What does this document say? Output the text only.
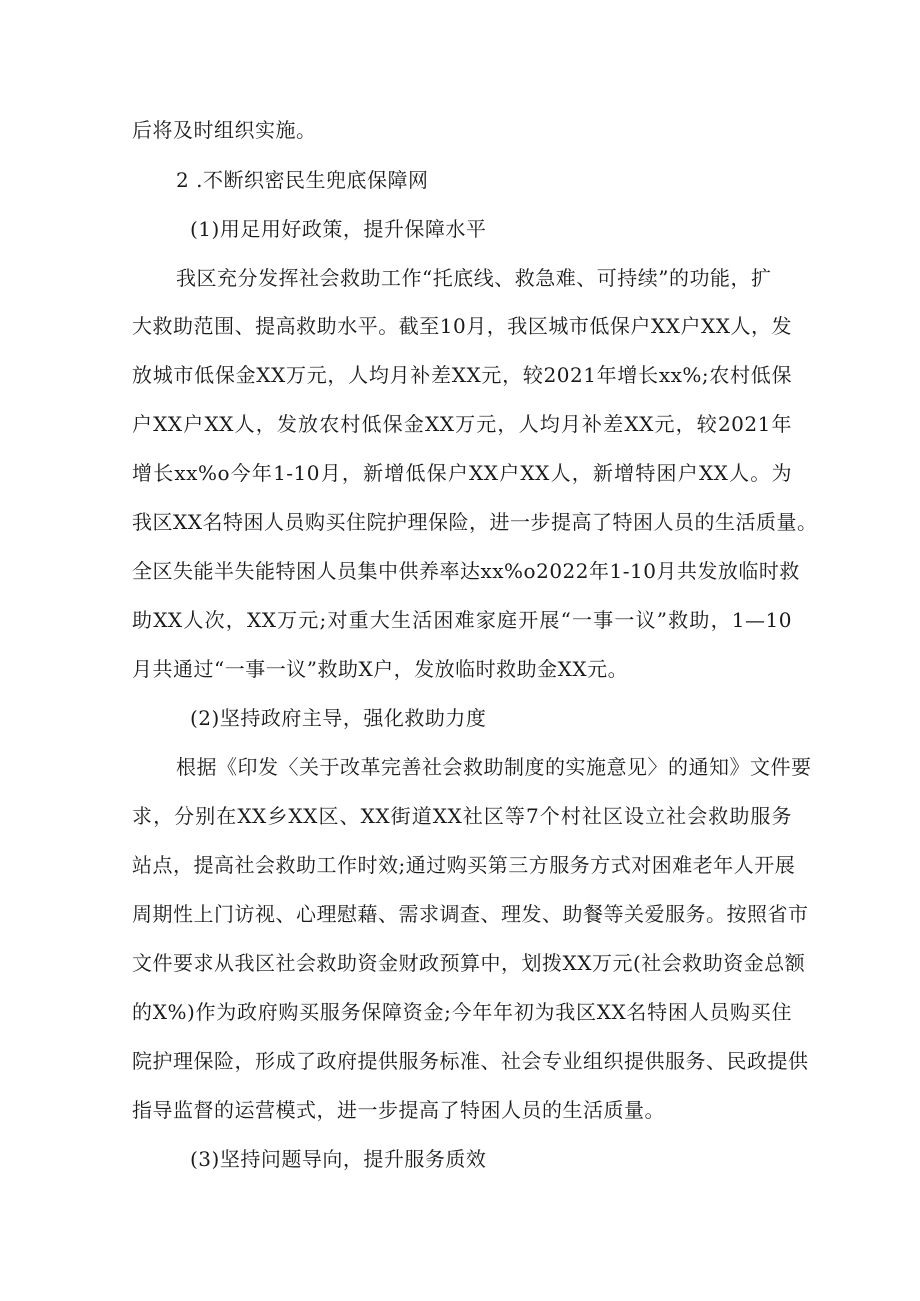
后将及时组织实施。
2 .不断织密民生兜底保障网
(1)用足用好政策，提升保障水平
我区充分发挥社会救助工作“托底线、救急难、可持续”的功能，扩
大救助范围、提高救助水平。截至10月，我区城市低保户XX户XX人，发
放城市低保金XX万元，人均月补差XX元，较2021年增长xx%;农村低保
户XX户XX人，发放农村低保金XX万元，人均月补差XX元，较2021年
增长xx%o今年1-10月，新增低保户XX户XX人，新增特困户XX人。为
我区XX名特困人员购买住院护理保险，进一步提高了特困人员的生活质量。
全区失能半失能特困人员集中供养率达xx%o2022年1-10月共发放临时救
助XX人次，XX万元;对重大生活困难家庭开展“一事一议”救助，1—10
月共通过“一事一议”救助X户，发放临时救助金XX元。
(2)坚持政府主导，强化救助力度
根据《印发〈关于改革完善社会救助制度的实施意见〉的通知》文件要
求，分别在XX乡XX区、XX街道XX社区等7个村社区设立社会救助服务
站点，提高社会救助工作时效;通过购买第三方服务方式对困难老年人开展
周期性上门访视、心理慰藉、需求调查、理发、助餐等关爱服务。按照省市
文件要求从我区社会救助资金财政预算中，划拨XX万元(社会救助资金总额
的X%)作为政府购买服务保障资金;今年年初为我区XX名特困人员购买住
院护理保险，形成了政府提供服务标准、社会专业组织提供服务、民政提供
指导监督的运营模式，进一步提高了特困人员的生活质量。
(3)坚持问题导向，提升服务质效
